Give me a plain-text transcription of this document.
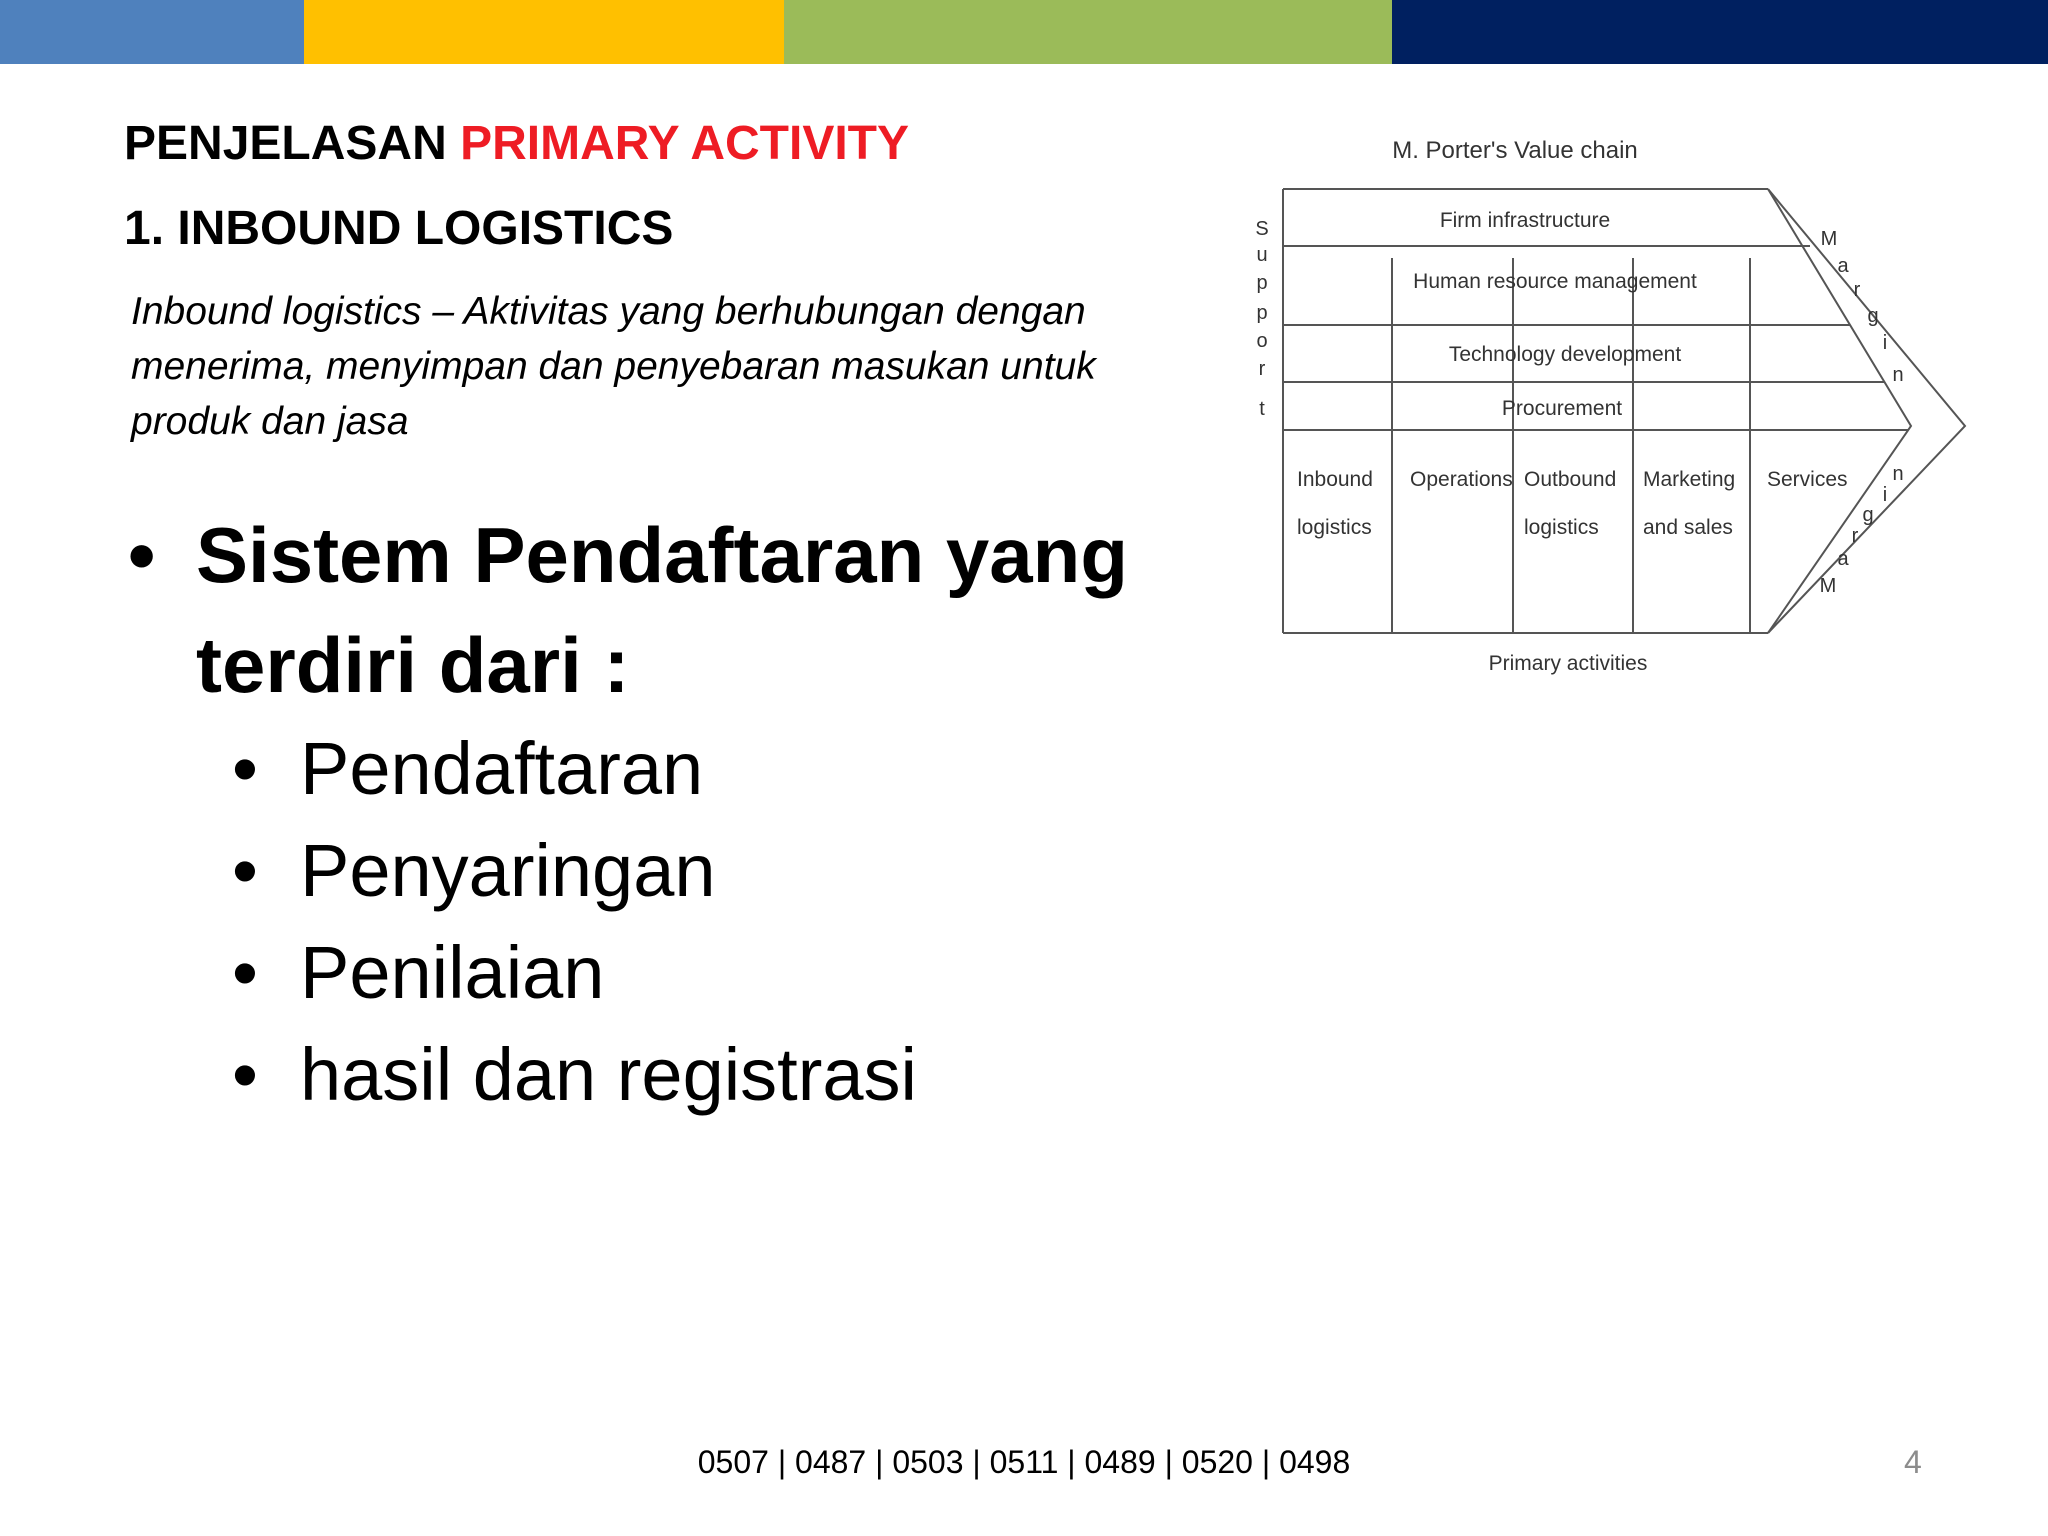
PENJELASAN PRIMARY ACTIVITY
1. INBOUND LOGISTICS
Inbound logistics – Aktivitas yang berhubungan dengan menerima, menyimpan dan penyebaran masukan untuk produk dan jasa
• Sistem Pendaftaran yang terdiri dari :
• Pendaftaran
• Penyaringan
• Penilaian
• hasil dan registrasi
M. Porter's Value chain
Firm infrastructure
Human resource management
Technology development
Procurement
Inbound
logistics
Operations Outbound
logistics
Marketing
and sales
Services
Primary activities
S
u
p
p
o
r
t
M
a
r
g
i
n
M
a
r
g
i
n
0507 | 0487 | 0503 | 0511 | 0489 | 0520 | 0498	4
